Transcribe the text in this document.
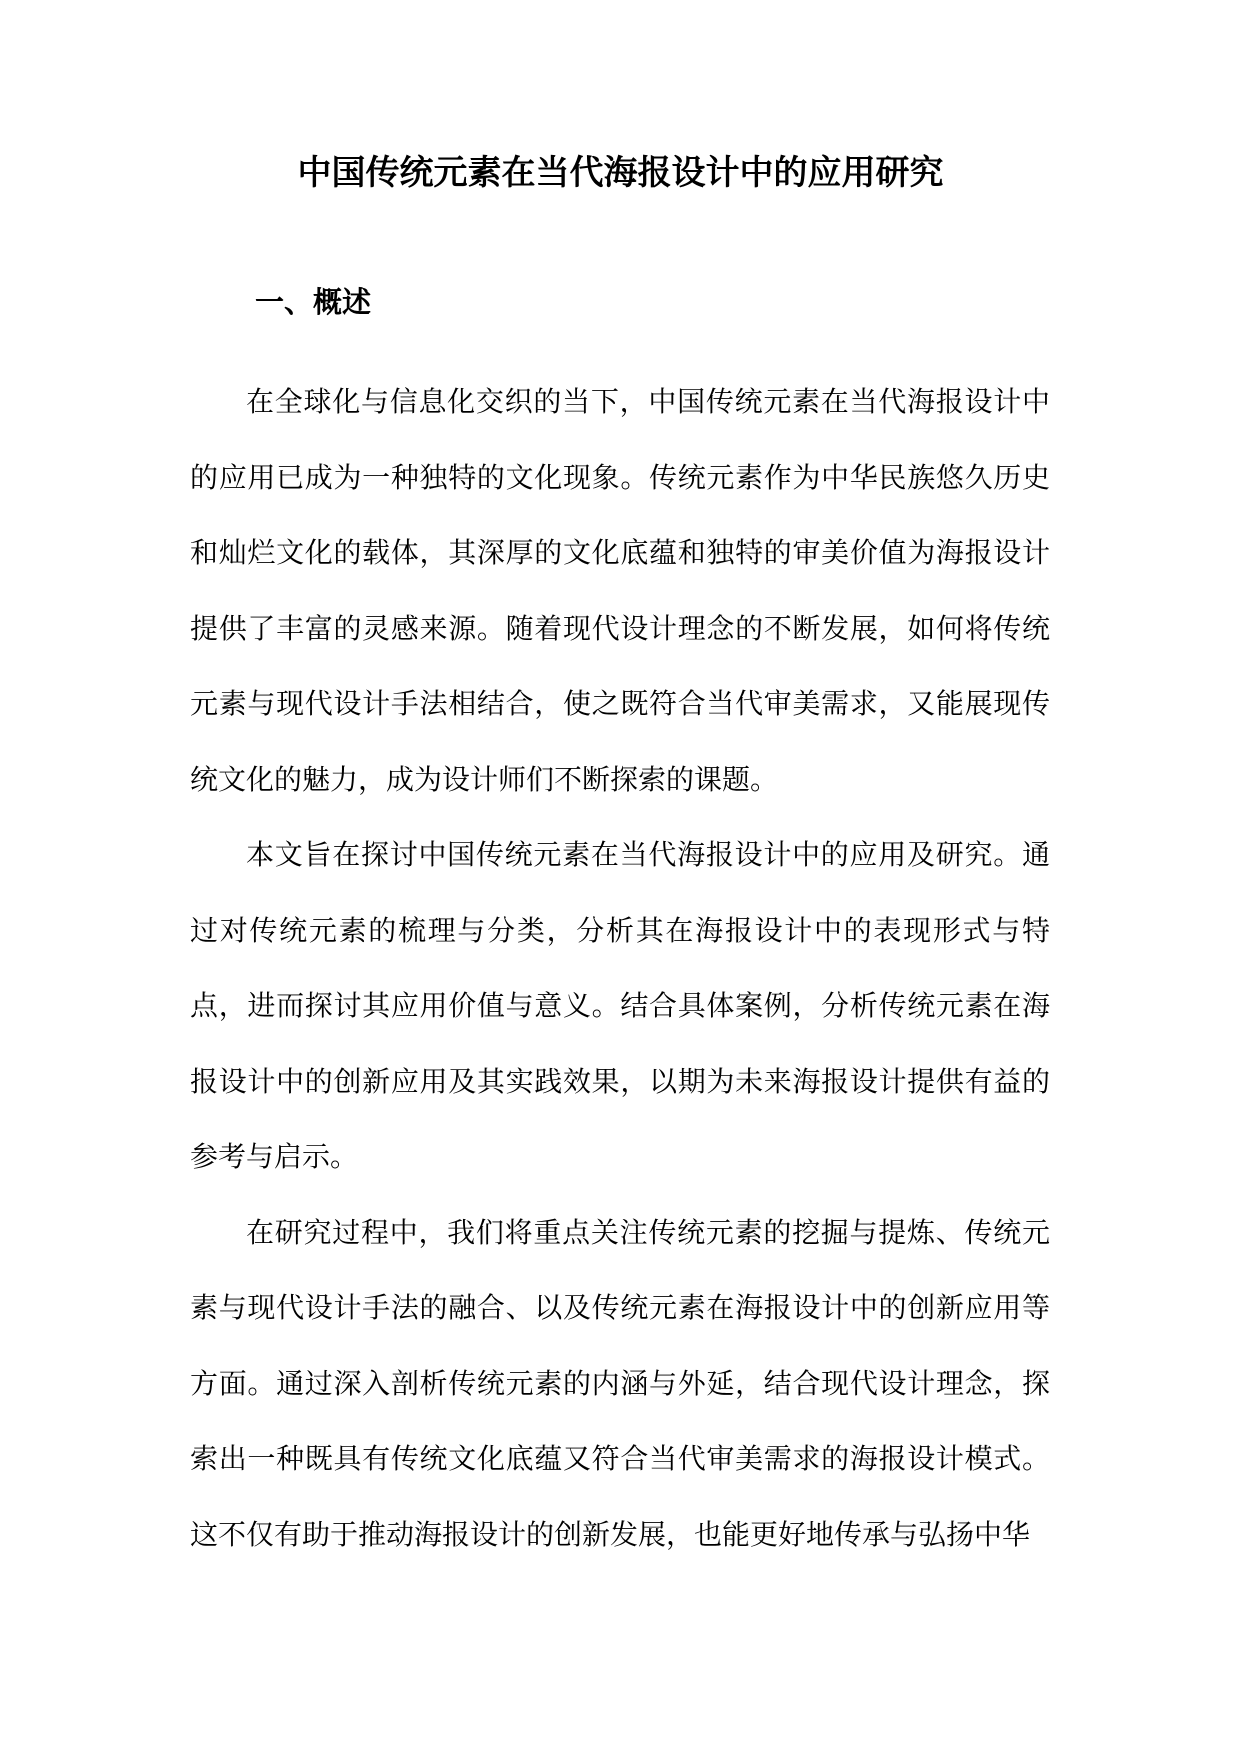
中国传统元素在当代海报设计中的应用研究
一、概述

在全球化与信息化交织的当下，中国传统元素在当代海报设计中的应用已成为一种独特的文化现象。传统元素作为中华民族悠久历史和灿烂文化的载体，其深厚的文化底蕴和独特的审美价值为海报设计提供了丰富的灵感来源。随着现代设计理念的不断发展，如何将传统元素与现代设计手法相结合，使之既符合当代审美需求，又能展现传统文化的魅力，成为设计师们不断探索的课题。

本文旨在探讨中国传统元素在当代海报设计中的应用及研究。通过对传统元素的梳理与分类，分析其在海报设计中的表现形式与特点，进而探讨其应用价值与意义。结合具体案例，分析传统元素在海报设计中的创新应用及其实践效果，以期为未来海报设计提供有益的参考与启示。

在研究过程中，我们将重点关注传统元素的挖掘与提炼、传统元素与现代设计手法的融合、以及传统元素在海报设计中的创新应用等方面。通过深入剖析传统元素的内涵与外延，结合现代设计理念，探索出一种既具有传统文化底蕴又符合当代审美需求的海报设计模式。这不仅有助于推动海报设计的创新发展，也能更好地传承与弘扬中华
